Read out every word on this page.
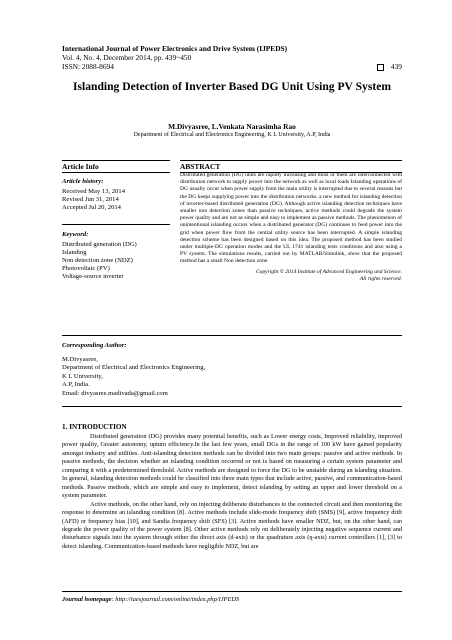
International Journal of Power Electronics and Drive System (IJPEDS)
Vol. 4, No. 4, December 2014, pp. 439~450
ISSN: 2088-8694	439
Islanding Detection of Inverter Based DG Unit Using PV System
M.Divyasree, L.Venkata Narasimha Rao
Department of Electrical and Electronics Engineering, K L University, A.P, India
Article Info
Article history:
Received May 13, 2014
Revised Jun 31, 2014
Accepted Jul 20, 2014
Keyword:
Distributed generation (DG)
Islanding
Non detection zone (NDZ)
Photovoltaic (PV)
Voltage-source inverter
ABSTRACT
Distributed generation (DG) units are rapidly increasing and most of them are interconnected with distribution network to supply power into the network as well as local loads Islanding operations of DG usually occur when power supply from the main utility is interrupted due to several reasons but the DG keeps supplying power into the distribution networks. a new method for islanding detection of inverter-based distributed generation (DG). Although active islanding detection techniques have smaller non detection zones than passive techniques, active methods could degrade the system power quality and are not as simple and easy to implement as passive methods. The phenomenon of unintentional islanding occurs when a distributed generator (DG) continues to feed power into the grid when power flow from the central utility source has been interrupted. A simple islanding detection scheme has been designed based on this idea. The proposed method has been studied under multiple-DG operation modes and the UL 1741 islanding tests conditions and also using a PV system. The simulations results, carried out by MATLAB/Simulink, show that the proposed method has a small Non detection zone.
Copyright © 2014 Institute of Advanced Engineering and Science.
All rights reserved.
Corresponding Author:
M.Divyasree,
Department of Electrical and Electronics Engineering,
K L University,
A.P, India.
Email: divyasree.madivada@gmail.com
1. INTRODUCTION

Distributed generation (DG) provides many potential benefits, such as Lower energy costs, Improved reliability, improved power quality, Greater autonomy, upturn efficiency.In the last few years, small DGs in the range of 100 kW have gained popularity amongst industry and utilities. Anti-islanding detection methods can be divided into two main groups: passive and active methods. In passive methods, the decision whether an islanding condition occurred or not is based on measuring a certain system parameter and comparing it with a predetermined threshold. Active methods are designed to force the DG to be unstable during an islanding situation. In general, islanding detection methods could be classified into three main types that include active, passive, and communication-based methods. Passive methods, which are simple and easy to implement, detect islanding by setting an upper and lower threshold on a system parameter.

Active methods, on the other hand, rely on injecting deliberate disturbances to the connected circuit and then monitoring the response to determine an islanding condition [8]. Active methods include slide-mode frequency shift (SMS) [9], active frequency drift (AFD) or frequency bias [10], and Sandia frequency shift (SFS) [3]. Active methods have smaller NDZ, but, on the other hand, can degrade the power quality of the power system [8]. Other active methods rely on deliberately injecting negative sequence current and disturbance signals into the system through either the direct axis (d-axis) or the quadrature axis (q-axis) current controllers [1], [3] to detect islanding. Communication-based methods have negligible NDZ, but are

Journal homepage: http://iaesjournal.com/online/index.php/IJPEDS
